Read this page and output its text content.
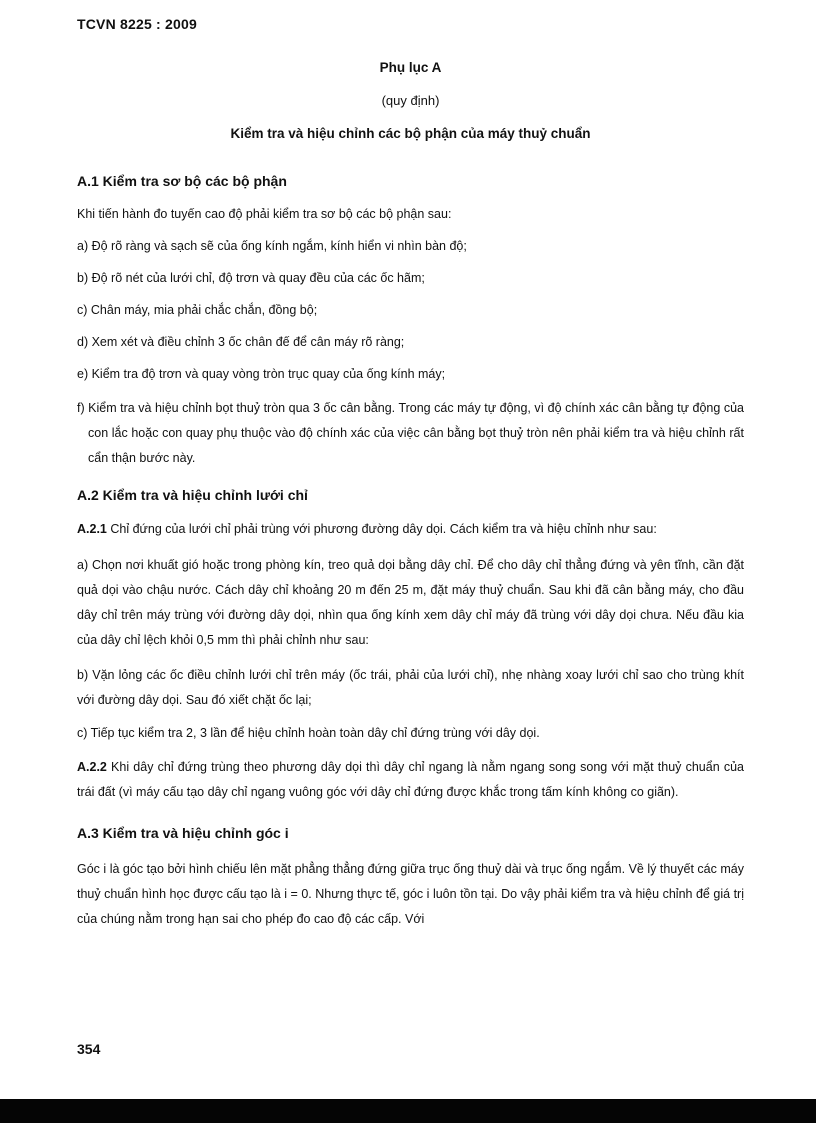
TCVN 8225 : 2009

Phụ lục A

(quy định)

Kiểm tra và hiệu chỉnh các bộ phận của máy thuỷ chuẩn

A.1 Kiểm tra sơ bộ các bộ phận

Khi tiến hành đo tuyến cao độ phải kiểm tra sơ bộ các bộ phận sau:

a) Độ rõ ràng và sạch sẽ của ống kính ngắm, kính hiển vi nhìn bàn độ;

b) Độ rõ nét của lưới chỉ, độ trơn và quay đều của các ốc hãm;

c) Chân máy, mia phải chắc chắn, đồng bộ;

d) Xem xét và điều chỉnh 3 ốc chân đế để cân máy rõ ràng;

e) Kiểm tra độ trơn và quay vòng tròn trục quay của ống kính máy;

f) Kiểm tra và hiệu chỉnh bọt thuỷ tròn qua 3 ốc cân bằng. Trong các máy tự động, vì độ chính xác cân bằng tự động của con lắc hoặc con quay phụ thuộc vào độ chính xác của việc cân bằng bọt thuỷ tròn nên phải kiểm tra và hiệu chỉnh rất cẩn thận bước này.

A.2 Kiểm tra và hiệu chỉnh lưới chỉ

A.2.1 Chỉ đứng của lưới chỉ phải trùng với phương đường dây dọi. Cách kiểm tra và hiệu chỉnh như sau:

a) Chọn nơi khuất gió hoặc trong phòng kín, treo quả dọi bằng dây chỉ. Để cho dây chỉ thẳng đứng và yên tĩnh, cần đặt quả dọi vào chậu nước. Cách dây chỉ khoảng 20 m đến 25 m, đặt máy thuỷ chuẩn. Sau khi đã cân bằng máy, cho đầu dây chỉ trên máy trùng với đường dây dọi, nhìn qua ống kính xem dây chỉ máy đã trùng với dây dọi chưa. Nếu đầu kia của dây chỉ lệch khỏi 0,5 mm thì phải chỉnh như sau:

b) Vặn lỏng các ốc điều chỉnh lưới chỉ trên máy (ốc trái, phải của lưới chỉ), nhẹ nhàng xoay lưới chỉ sao cho trùng khít với đường dây dọi. Sau đó xiết chặt ốc lại;

c) Tiếp tục kiểm tra 2, 3 lần để hiệu chỉnh hoàn toàn dây chỉ đứng trùng với dây dọi.

A.2.2 Khi dây chỉ đứng trùng theo phương dây dọi thì dây chỉ ngang là nằm ngang song song với mặt thuỷ chuẩn của trái đất (vì máy cấu tạo dây chỉ ngang vuông góc với dây chỉ đứng được khắc trong tấm kính không co giãn).

A.3 Kiểm tra và hiệu chỉnh góc i

Góc i là góc tạo bởi hình chiếu lên mặt phẳng thẳng đứng giữa trục ống thuỷ dài và trục ống ngắm. Về lý thuyết các máy thuỷ chuẩn hình học được cấu tạo là i = 0. Nhưng thực tế, góc i luôn tồn tại. Do vậy phải kiểm tra và hiệu chỉnh để giá trị của chúng nằm trong hạn sai cho phép đo cao độ các cấp. Với

354
